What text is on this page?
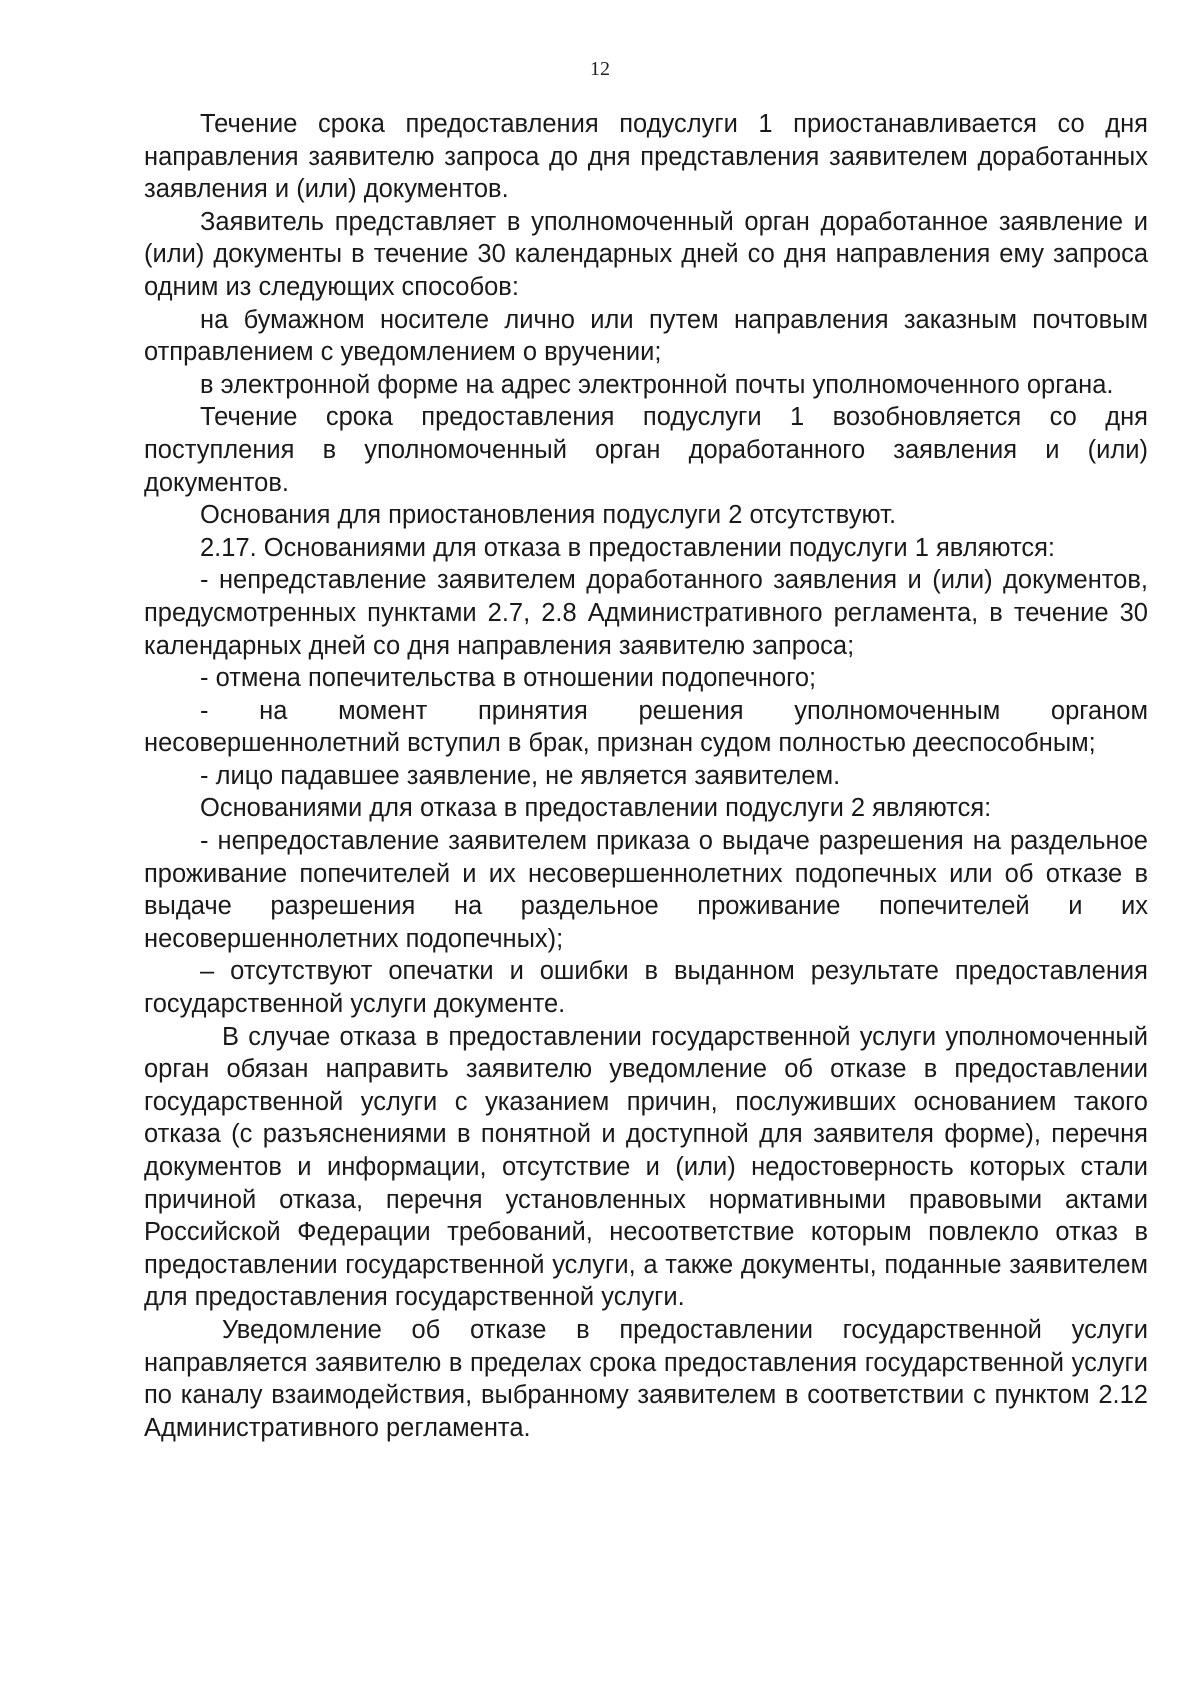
12

Течение срока предоставления подуслуги 1 приостанавливается со дня направления заявителю запроса до дня представления заявителем доработанных заявления и (или) документов.

Заявитель представляет в уполномоченный орган доработанное заявление и (или) документы в течение 30 календарных дней со дня направления ему запроса одним из следующих способов:

на бумажном носителе лично или путем направления заказным почтовым отправлением с уведомлением о вручении;

в электронной форме на адрес электронной почты уполномоченного органа.

Течение срока предоставления подуслуги 1 возобновляется со дня поступления в уполномоченный орган доработанного заявления и (или) документов.

Основания для приостановления подуслуги 2 отсутствуют.

2.17. Основаниями для отказа в предоставлении подуслуги 1 являются:

- непредставление заявителем доработанного заявления и (или) документов, предусмотренных пунктами 2.7, 2.8 Административного регламента, в течение 30 календарных дней со дня направления заявителю запроса;

- отмена попечительства в отношении подопечного;

- на момент принятия решения уполномоченным органом несовершеннолетний вступил в брак, признан судом полностью дееспособным;

- лицо падавшее заявление, не является заявителем.

Основаниями для отказа в предоставлении подуслуги 2 являются:

- непредоставление заявителем приказа о выдаче разрешения на раздельное проживание попечителей и их несовершеннолетних подопечных или об отказе в выдаче разрешения на раздельное проживание попечителей и их несовершеннолетних подопечных);

– отсутствуют опечатки и ошибки в выданном результате предоставления государственной услуги документе.

В случае отказа в предоставлении государственной услуги уполномоченный орган обязан направить заявителю уведомление об отказе в предоставлении государственной услуги с указанием причин, послуживших основанием такого отказа (с разъяснениями в понятной и доступной для заявителя форме), перечня документов и информации, отсутствие и (или) недостоверность которых стали причиной отказа, перечня установленных нормативными правовыми актами Российской Федерации требований, несоответствие которым повлекло отказ в предоставлении государственной услуги, а также документы, поданные заявителем для предоставления государственной услуги.

Уведомление об отказе в предоставлении государственной услуги направляется заявителю в пределах срока предоставления государственной услуги по каналу взаимодействия, выбранному заявителем в соответствии с пунктом 2.12 Административного регламента.
